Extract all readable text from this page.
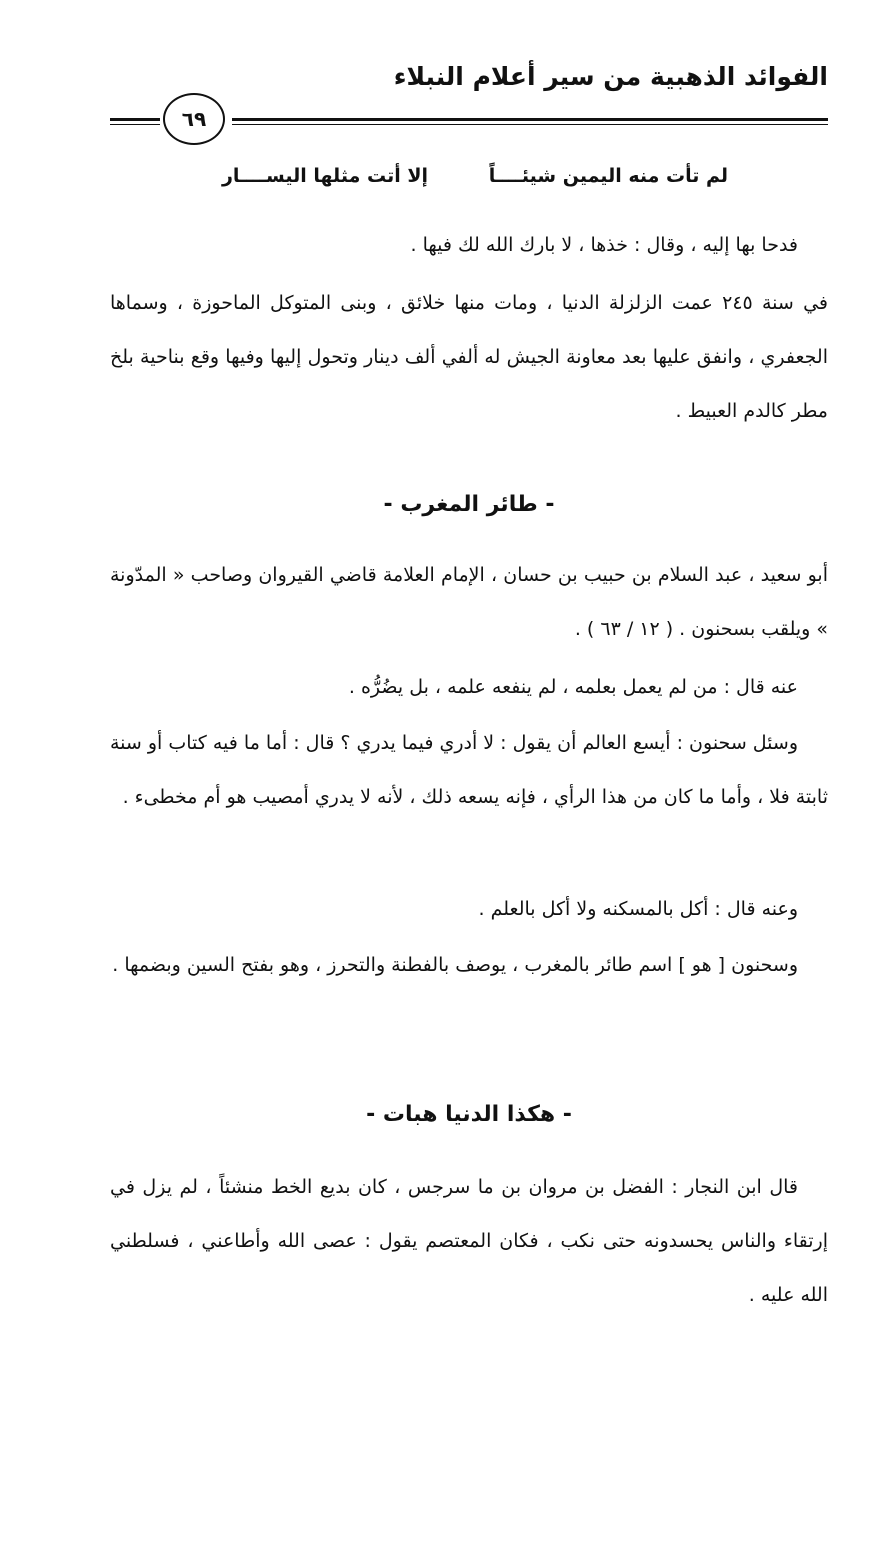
الفوائد الذهبية من سير أعلام النبلاء
٦٩
لم تأت منه اليمين شيئــــاً
إلا أتت مثلها اليســــار

فدحا بها إليه ، وقال : خذها ، لا بارك الله لك فيها .

في سنة ٢٤٥ عمت الزلزلة الدنيا ، ومات منها خلائق ، وبنى المتوكل الماحوزة ، وسماها الجعفري ، وانفق عليها بعد معاونة الجيش له ألفي ألف دينار وتحول إليها وفيها وقع بناحية بلخ مطر كالدم العبيط .

- طائر المغرب -

أبو سعيد ، عبد السلام بن حبيب بن حسان ، الإمام العلامة قاضي القيروان وصاحب « المدّونة » ويلقب بسحنون . ( ١٢ / ٦٣ ) .

عنه قال : من لم يعمل بعلمه ، لم ينفعه علمه ، بل يضُرُّه .

وسئل سحنون : أيسع العالم أن يقول : لا أدري فيما يدري ؟ قال : أما ما فيه كتاب أو سنة ثابتة فلا ، وأما ما كان من هذا الرأي ، فإنه يسعه ذلك ، لأنه لا يدري أمصيب هو أم مخطىء .

وعنه قال : أكل بالمسكنه ولا أكل بالعلم .

وسحنون [ هو ] اسم طائر بالمغرب ، يوصف بالفطنة والتحرز ، وهو بفتح السين وبضمها .

- هكذا الدنيا هبات -

قال ابن النجار : الفضل بن مروان بن ما سرجس ، كان بديع الخط منشئاً ، لم يزل في إرتقاء والناس يحسدونه حتى نكب ، فكان المعتصم يقول : عصى الله وأطاعني ، فسلطني الله عليه .
